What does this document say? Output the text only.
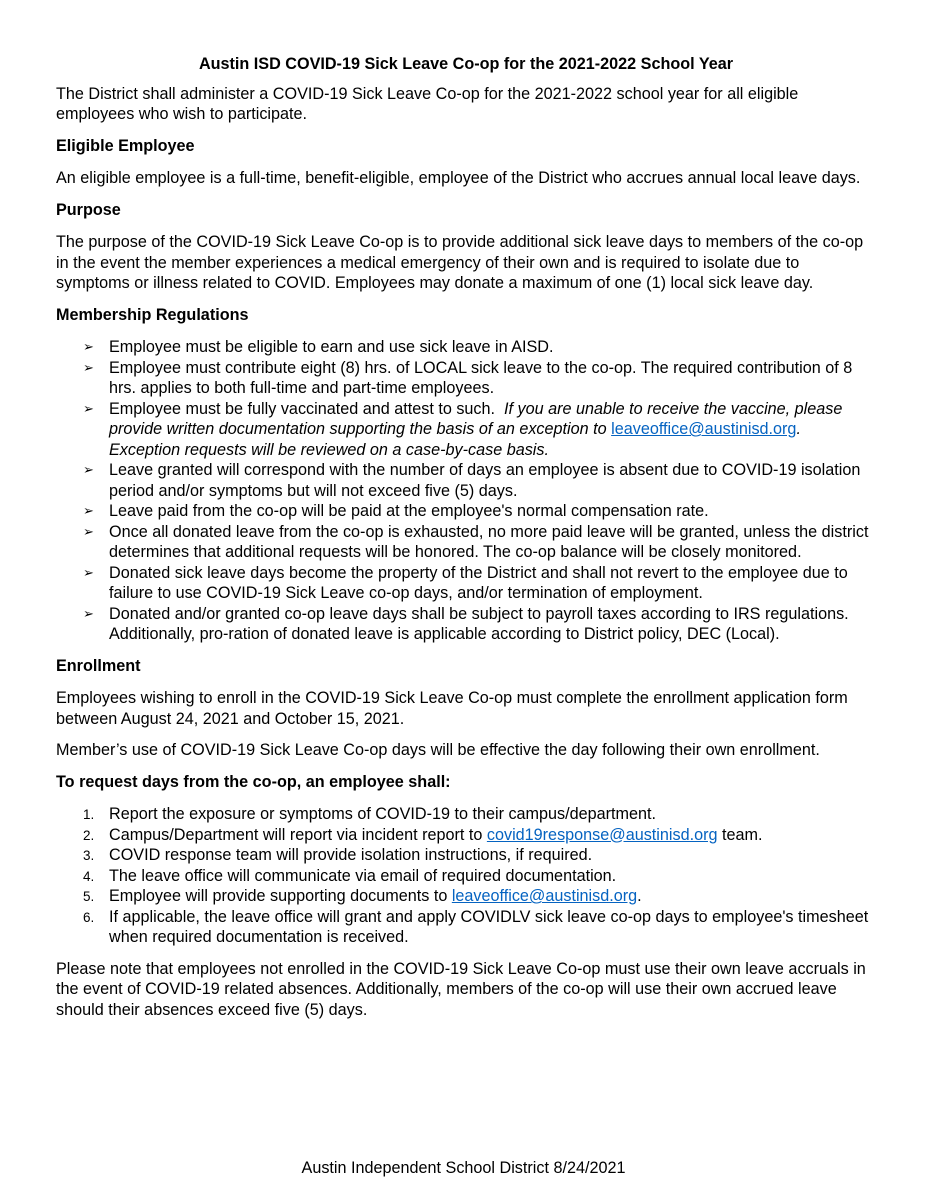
Austin ISD COVID-19 Sick Leave Co-op for the 2021-2022 School Year

The District shall administer a COVID-19 Sick Leave Co-op for the 2021-2022 school year for all eligible employees who wish to participate.

Eligible Employee

An eligible employee is a full-time, benefit-eligible, employee of the District who accrues annual local leave days.

Purpose

The purpose of the COVID-19 Sick Leave Co-op is to provide additional sick leave days to members of the co-op in the event the member experiences a medical emergency of their own and is required to isolate due to symptoms or illness related to COVID. Employees may donate a maximum of one (1) local sick leave day.

Membership Regulations
➢ Employee must be eligible to earn and use sick leave in AISD.
➢ Employee must contribute eight (8) hrs. of LOCAL sick leave to the co-op. The required contribution of 8 hrs. applies to both full-time and part-time employees.
➢ Employee must be fully vaccinated and attest to such. If you are unable to receive the vaccine, please provide written documentation supporting the basis of an exception to leaveoffice@austinisd.org. Exception requests will be reviewed on a case-by-case basis.
➢ Leave granted will correspond with the number of days an employee is absent due to COVID-19 isolation period and/or symptoms but will not exceed five (5) days.
➢ Leave paid from the co-op will be paid at the employee's normal compensation rate.
➢ Once all donated leave from the co-op is exhausted, no more paid leave will be granted, unless the district determines that additional requests will be honored. The co-op balance will be closely monitored.
➢ Donated sick leave days become the property of the District and shall not revert to the employee due to failure to use COVID-19 Sick Leave co-op days, and/or termination of employment.
➢ Donated and/or granted co-op leave days shall be subject to payroll taxes according to IRS regulations. Additionally, pro-ration of donated leave is applicable according to District policy, DEC (Local).
Enrollment

Employees wishing to enroll in the COVID-19 Sick Leave Co-op must complete the enrollment application form between August 24, 2021 and October 15, 2021.

Member’s use of COVID-19 Sick Leave Co-op days will be effective the day following their own enrollment.

To request days from the co-op, an employee shall:
1. Report the exposure or symptoms of COVID-19 to their campus/department.
2. Campus/Department will report via incident report to covid19response@austinisd.org team.
3. COVID response team will provide isolation instructions, if required.
4. The leave office will communicate via email of required documentation.
5. Employee will provide supporting documents to leaveoffice@austinisd.org.
6. If applicable, the leave office will grant and apply COVIDLV sick leave co-op days to employee's timesheet when required documentation is received.

Please note that employees not enrolled in the COVID-19 Sick Leave Co-op must use their own leave accruals in the event of COVID-19 related absences. Additionally, members of the co-op will use their own accrued leave should their absences exceed five (5) days.

Austin Independent School District 8/24/2021
